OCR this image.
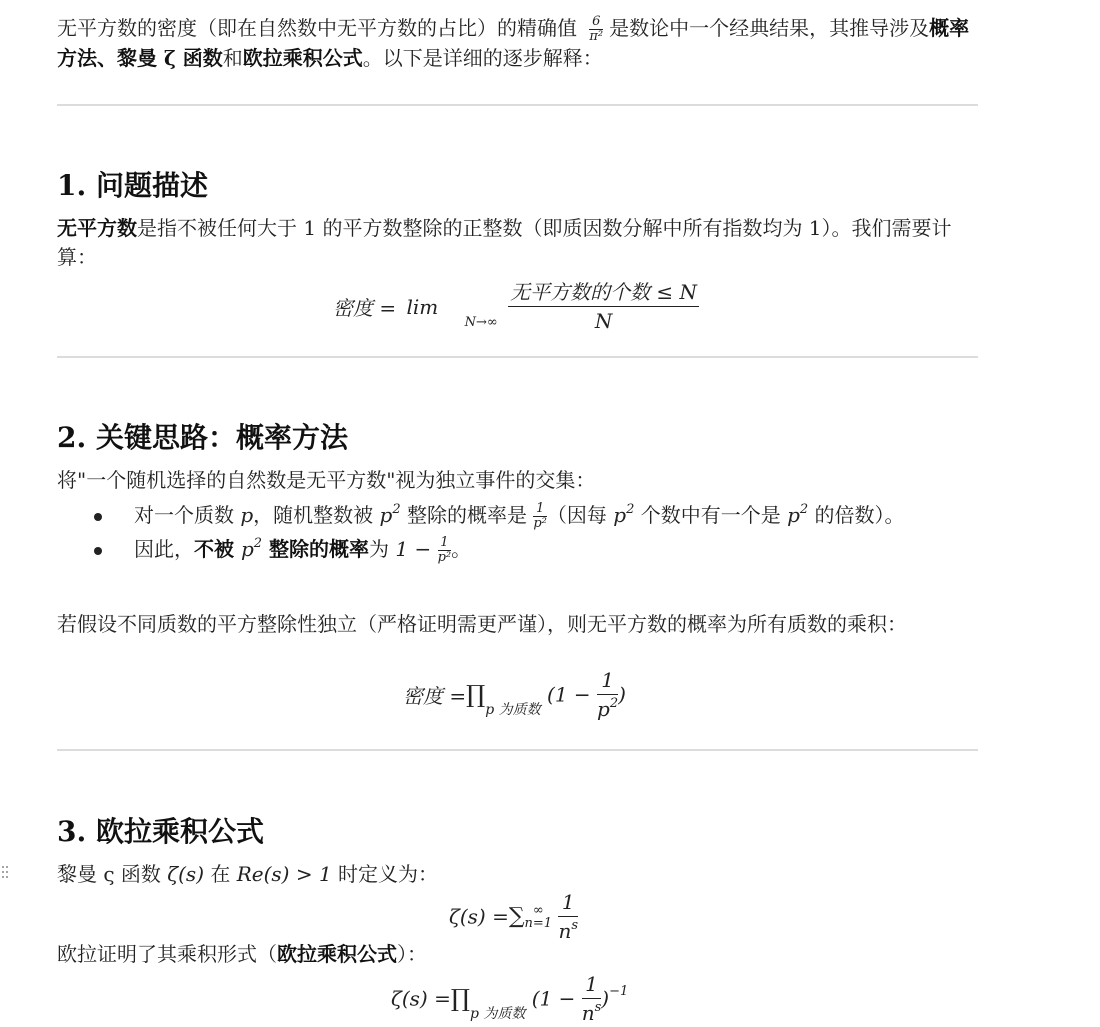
无平方数的密度（即在自然数中无平方数的占比）的精确值 $\frac{6}{\text{π²}}$ 是数论中一个经典结果，其推导涉及概率方法、黎曼 ζ 函数和欧拉乘积公式。以下是详细的逐步解释：

1. 问题描述

无平方数是指不被任何大于 1 的平方数整除的正整数（即质因数分解中所有指数均为 1）。我们需要计算：

密度 = $\lim _{N\to\infty} \frac{\text{无平方数的个数 ≤ N}}{N}$
2. 关键思路：概率方法

将"一个随机选择的自然数是无平方数"视为独立事件的交集：

对一个质数 p，随机整数被 $p^2$ 整除的概率是 $\frac{1}{\text{p²}}$ （因每 $p^2$ 个数中有一个是 $p^2$ 的倍数）。
因此，不被 $p^2$ 整除的概率为 $1 - \frac{1}{\text{p²}}$ 。

若假设不同质数的平方整除性独立（严格证明需更严谨），则无平方数的概率为所有质数的乘积：

密度 $=\prod_{p 为质数}$ ($1 - \frac{1}{p^2}$ )
3. 欧拉乘积公式

黎曼 ς 函数 ζ(s) 在 Re(s) > 1 时定义为：

ζ(s) =∑ ∞
n=1
$\frac{1}{n^s}$

欧拉证明了其乘积形式（欧拉乘积公式）：

$\zeta(s) =\prod_{p 为质数}$ $(1 - \frac{1}{n^s} )^{-1}$
